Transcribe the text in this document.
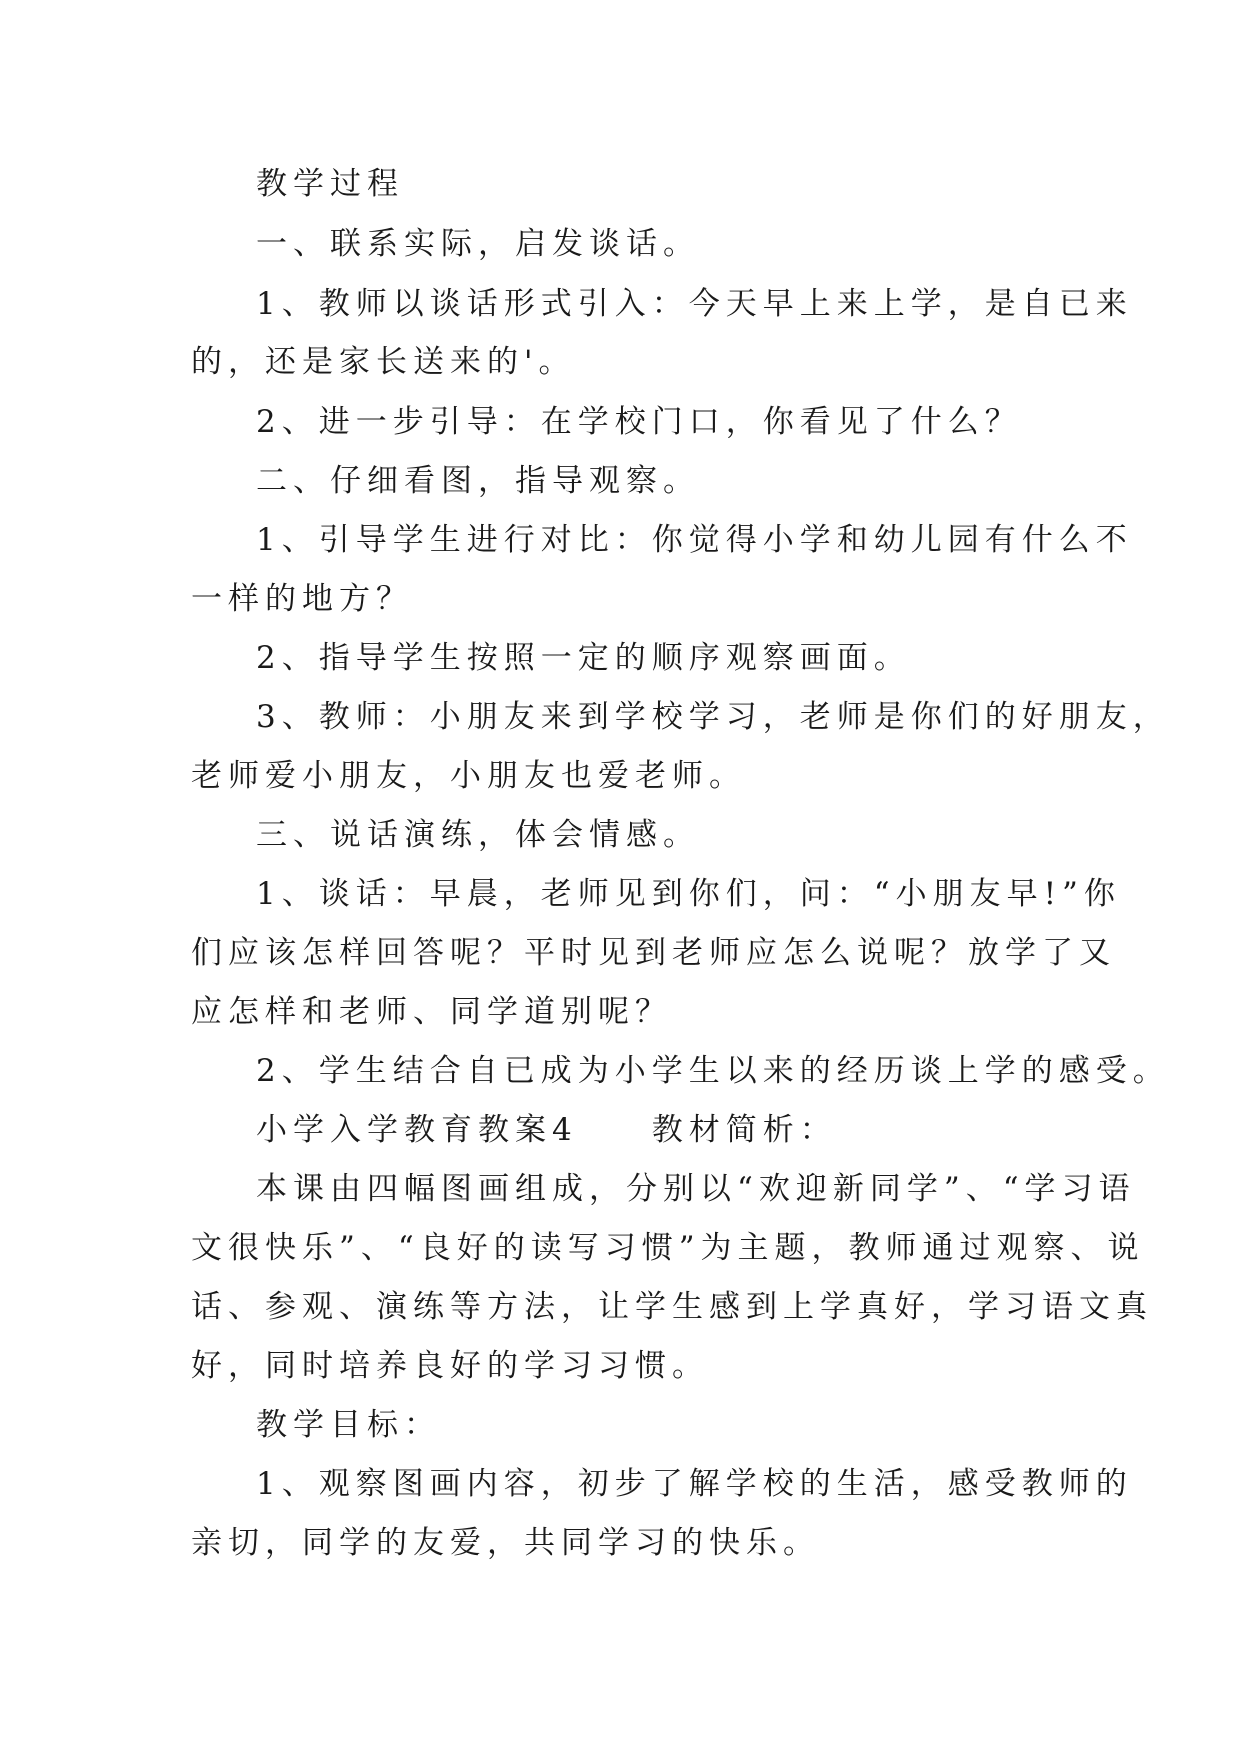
教学过程
一、联系实际，启发谈话。
1、教师以谈话形式引入：今天早上来上学，是自已来
的，还是家长送来的'。
2、进一步引导：在学校门口，你看见了什么？
二、仔细看图，指导观察。
1、引导学生进行对比：你觉得小学和幼儿园有什么不
一样的地方？
2、指导学生按照一定的顺序观察画面。
3、教师：小朋友来到学校学习，老师是你们的好朋友，
老师爱小朋友，小朋友也爱老师。
三、说话演练，体会情感。
1、谈话：早晨，老师见到你们，问：“小朋友早!”你
们应该怎样回答呢？平时见到老师应怎么说呢？放学了又
应怎样和老师、同学道别呢？
2、学生结合自已成为小学生以来的经历谈上学的感受。
小学入学教育教案4　　教材简析：
本课由四幅图画组成，分别以“欢迎新同学”、“学习语
文很快乐”、“良好的读写习惯”为主题，教师通过观察、说
话、参观、演练等方法，让学生感到上学真好，学习语文真
好，同时培养良好的学习习惯。
教学目标：
1、观察图画内容，初步了解学校的生活，感受教师的
亲切，同学的友爱，共同学习的快乐。
